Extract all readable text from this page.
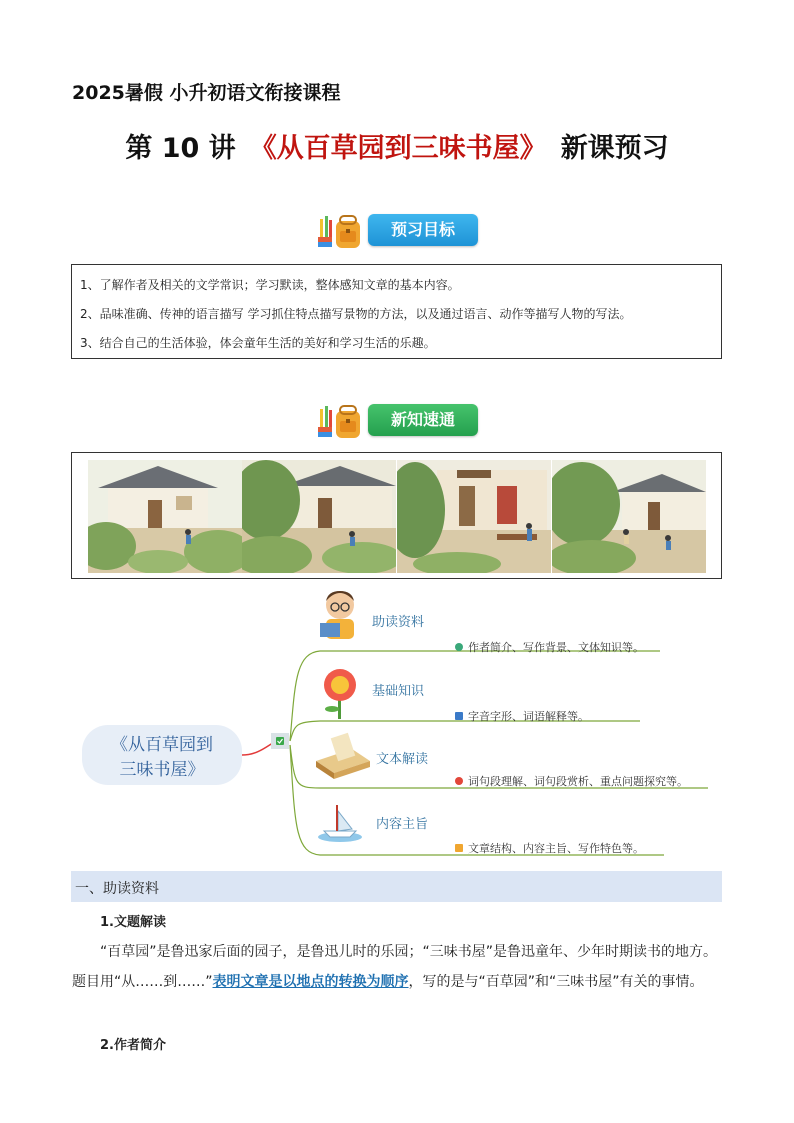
2025暑假 小升初语文衔接课程
第 10 讲 《从百草园到三味书屋》 新课预习
预习目标
1、了解作者及相关的文学常识；学习默读，整体感知文章的基本内容。
2、品味准确、传神的语言描写 学习抓住特点描写景物的方法，以及通过语言、动作等描写人物的写法。
3、结合自己的生活体验，体会童年生活的美好和学习生活的乐趣。
新知速通
《从百草园到
三味书屋》
助读资料
作者简介、写作背景、文体知识等。
基础知识
字音字形、词语解释等。
文本解读
词句段理解、词句段赏析、重点问题探究等。
内容主旨
文章结构、内容主旨、写作特色等。
一、助读资料
1.文题解读
“百草园”是鲁迅家后面的园子，是鲁迅儿时的乐园；“三味书屋”是鲁迅童年、少年时期读书的地方。题目用“从……到……”表明文章是以地点的转换为顺序，写的是与“百草园”和“三味书屋”有关的事情。
2.作者简介
